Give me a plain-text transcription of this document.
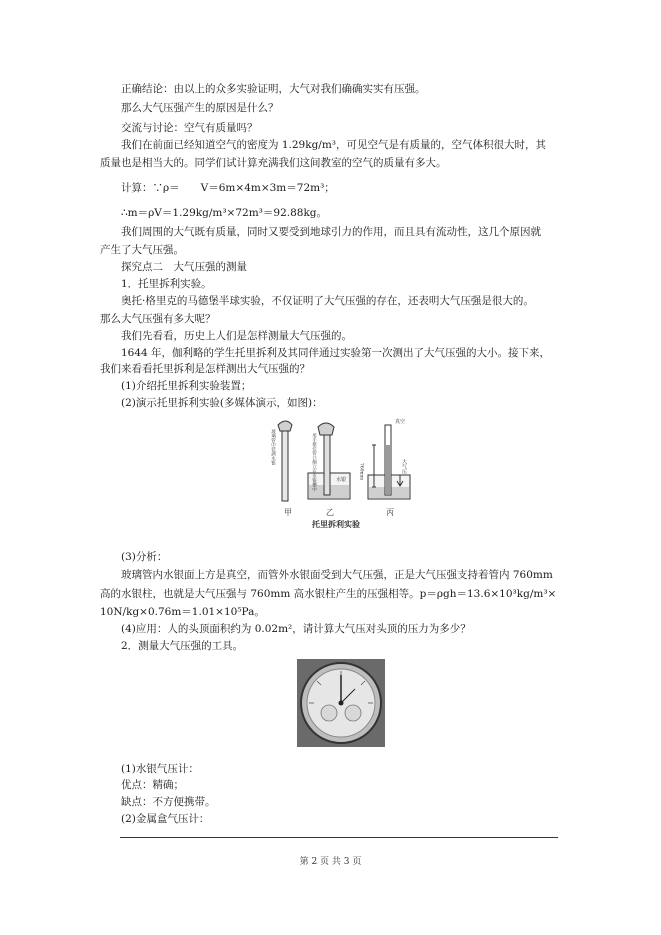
正确结论：由以上的众多实验证明，大气对我们确确实实有压强。
那么大气压强产生的原因是什么？
交流与讨论：空气有质量吗？
我们在前面已经知道空气的密度为 1.29kg/m³，可见空气是有质量的，空气体积很大时，其
质量也是相当大的。同学们试计算充满我们这间教室的空气的质量有多大。
计算：∵ρ＝　　V＝6m×4m×3m＝72m³；
∴m＝ρV＝1.29kg/m³×72m³＝92.88kg。
我们周围的大气既有质量，同时又要受到地球引力的作用，而且具有流动性，这几个原因就
产生了大气压强。
探究点二　大气压强的测量
1．托里拆利实验。
奥托·格里克的马德堡半球实验，不仅证明了大气压强的存在，还表明大气压强是很大的。
那么大气压强有多大呢？
我们先看看，历史上人们是怎样测量大气压强的。
1644 年，伽利略的学生托里拆利及其同伴通过实验第一次测出了大气压强的大小。接下来，
我们来看看托里拆利是怎样测出大气压强的？
(1)介绍托里拆利实验装置；
(2)演示托里拆利实验(多媒体演示，如图)：
玻璃管中装满水银	用手堵住管口倒立在水银槽中	水银	760mm
真空
大气压
甲	乙	丙
托里拆利实验
(3)分析：
玻璃管内水银面上方是真空，而管外水银面受到大气压强，正是大气压强支持着管内 760mm
高的水银柱，也就是大气压强与 760mm 高水银柱产生的压强相等。p＝ρgh＝13.6×10³kg/m³×
10N/kg×0.76m＝1.01×10⁵Pa。
(4)应用：人的头顶面积约为 0.02m²，请计算大气压对头顶的压力为多少？
2．测量大气压强的工具。
(1)水银气压计：
优点：精确；
缺点：不方便携带。
(2)金属盒气压计：
第 2 页 共 3 页
